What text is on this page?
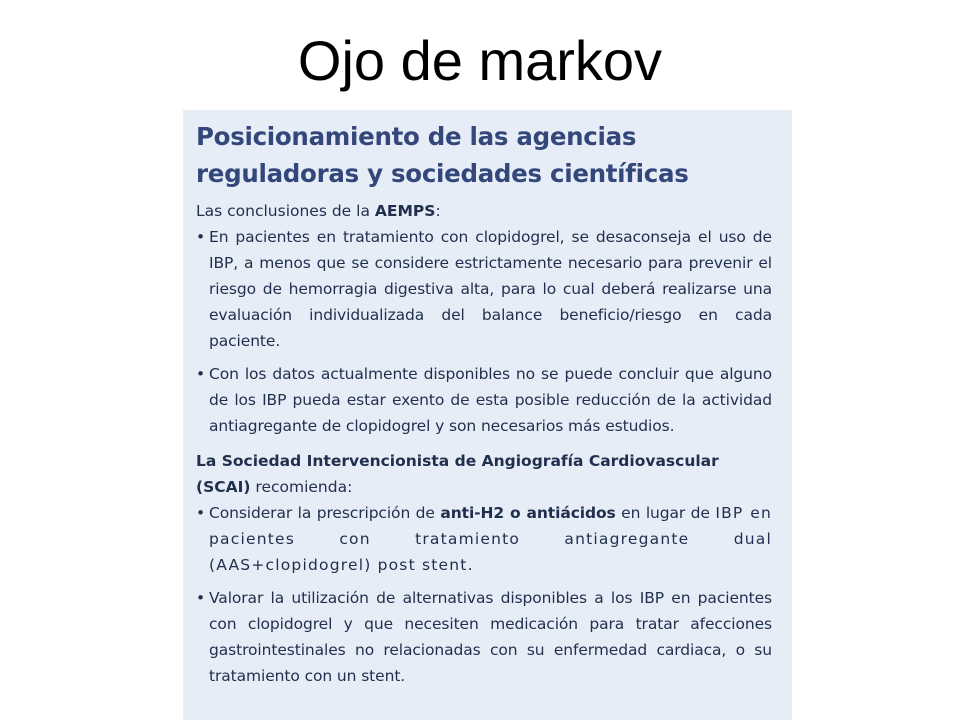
Ojo de markov
Posicionamiento de las agencias
reguladoras y sociedades científicas

Las conclusiones de la AEMPS:

• En pacientes en tratamiento con clopidogrel, se desaconseja el uso de IBP, a menos que se considere estrictamente necesario para prevenir el riesgo de hemorragia digestiva alta, para lo cual deberá realizarse una evaluación individualizada del balance beneficio/riesgo en cada paciente.

• Con los datos actualmente disponibles no se puede concluir que alguno de los IBP pueda estar exento de esta posible reducción de la actividad antiagregante de clopidogrel y son necesarios más estudios.

La Sociedad Intervencionista de Angiografía Cardiovascular (SCAI) recomienda:

• Considerar la prescripción de anti-H2 o antiácidos en lugar de IBP en pacientes con tratamiento antiagregante dual (AAS+clopidogrel) post stent.

• Valorar la utilización de alternativas disponibles a los IBP en pacientes con clopidogrel y que necesiten medicación para tratar afecciones gastrointestinales no relacionadas con su enfermedad cardiaca, o su tratamiento con un stent.
